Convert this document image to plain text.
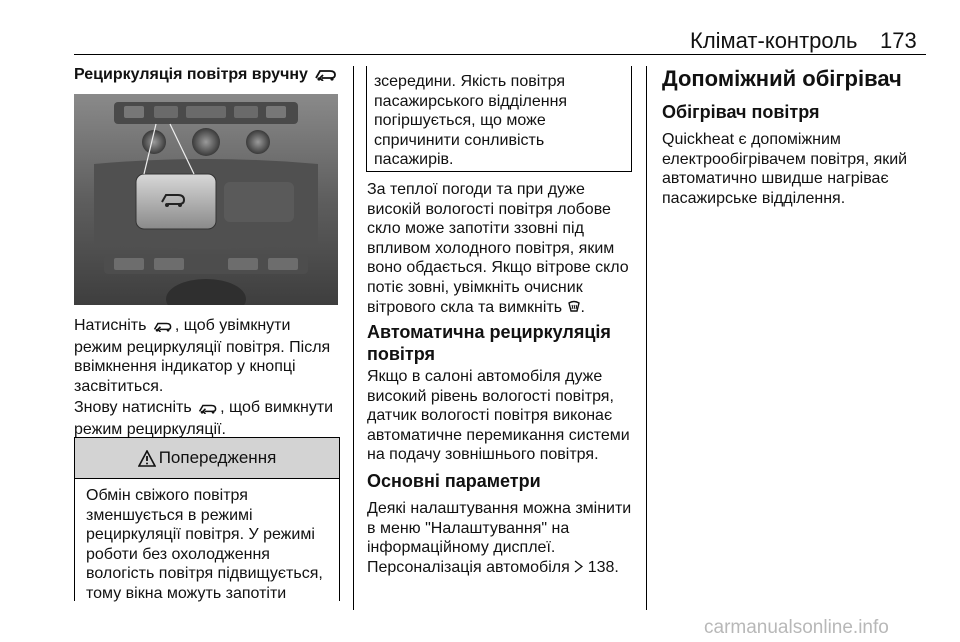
Клімат-контроль 173
Рециркуляція повітря вручну
Натисніть , щоб увімкнути
режим рециркуляції повітря. Після
ввімкнення індикатор у кнопці
засвітиться.
Знову натисніть , щоб вимкнути
режим рециркуляції.
Попередження
Обмін свіжого повітря
зменшується в режимі
рециркуляції повітря. У режимі
роботи без охолодження
вологість повітря підвищується,
тому вікна можуть запотіти
зсередини. Якість повітря
пасажирського відділення
погіршується, що може
спричинити сонливість
пасажирів.
За теплої погоди та при дуже
високій вологості повітря лобове
скло може запотіти ззовні під
впливом холодного повітря, яким
воно обдається. Якщо вітрове скло
потіє зовні, увімкніть очисник
вітрового скла та вимкніть .
Автоматична рециркуляція
повітря
Якщо в салоні автомобіля дуже
високий рівень вологості повітря,
датчик вологості повітря виконає
автоматичне перемикання системи
на подачу зовнішнього повітря.
Основні параметри
Деякі налаштування можна змінити
в меню "Налаштування" на
інформаційному дисплеї.
Персоналізація автомобіля 138.
Допоміжний обігрівач
Обігрівач повітря
Quickheat є допоміжним
електрообігрівачем повітря, який
автоматично швидше нагріває
пасажирське відділення.
carmanualsonline.info
